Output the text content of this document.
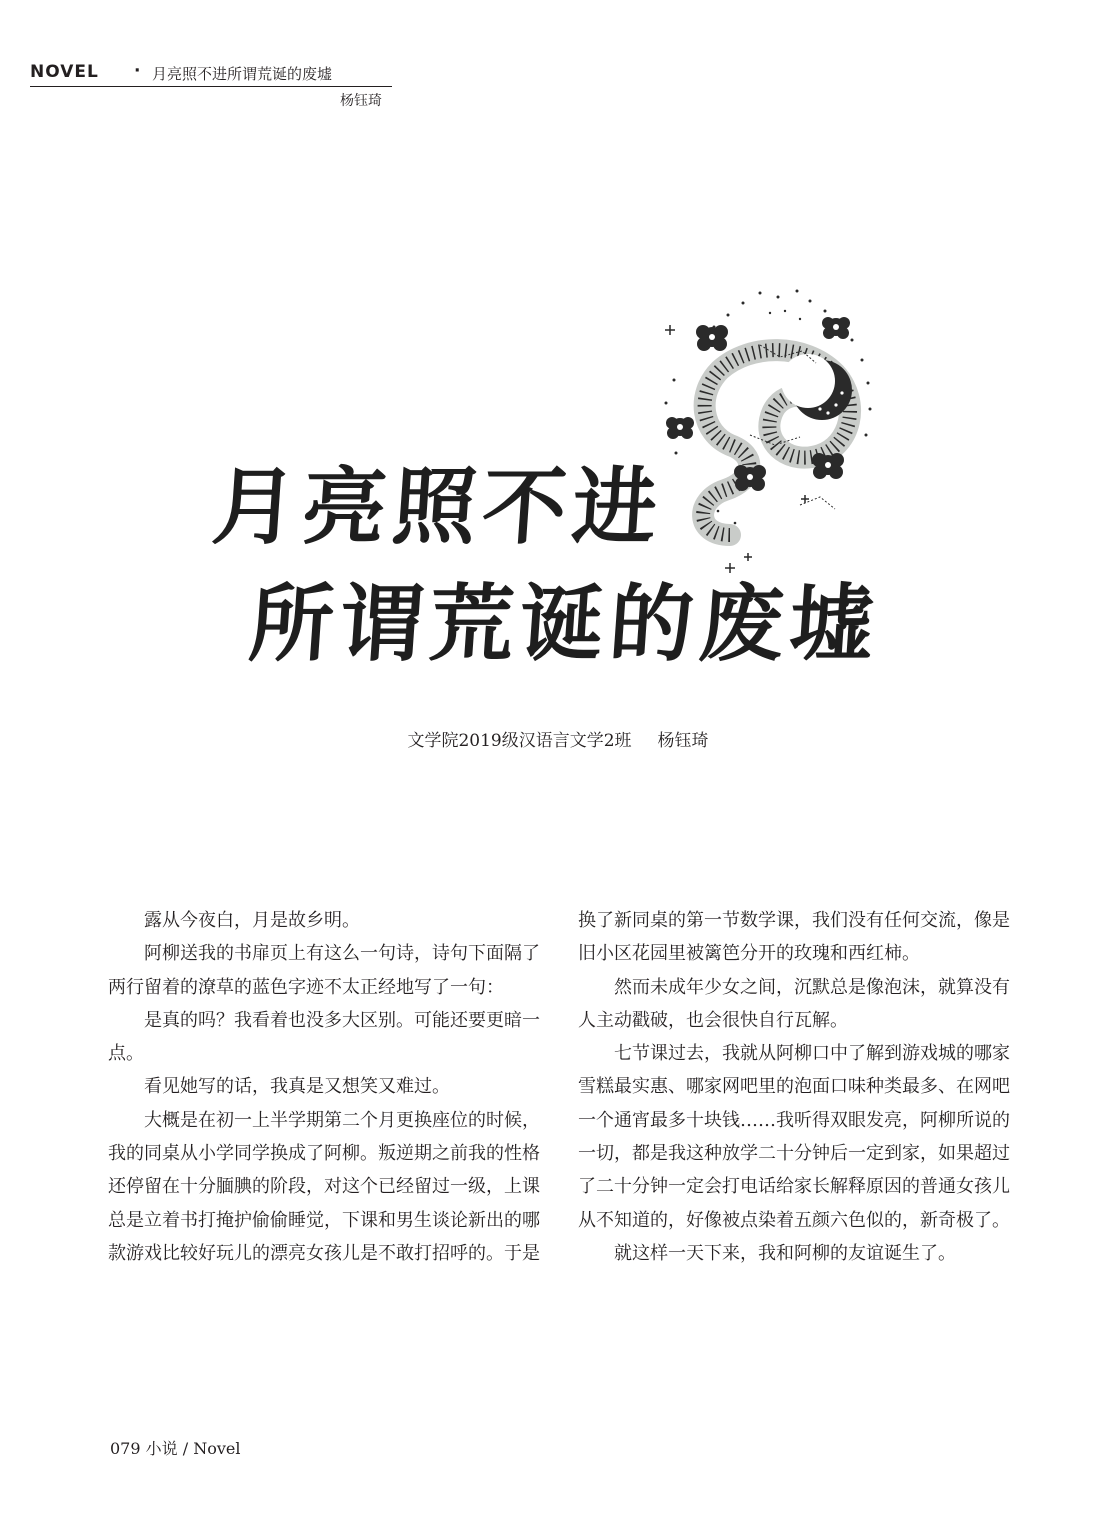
NOVEL · 月亮照不进所谓荒诞的废墟
杨钰琦
月亮照不进
所谓荒诞的废墟
文学院2019级汉语言文学2班 杨钰琦

露从今夜白，月是故乡明。

阿柳送我的书扉页上有这么一句诗，诗句下面隔了两行留着的潦草的蓝色字迹不太正经地写了一句：

是真的吗？我看着也没多大区别。可能还要更暗一点。

看见她写的话，我真是又想笑又难过。

大概是在初一上半学期第二个月更换座位的时候，我的同桌从小学同学换成了阿柳。叛逆期之前我的性格还停留在十分腼腆的阶段，对这个已经留过一级，上课总是立着书打掩护偷偷睡觉，下课和男生谈论新出的哪款游戏比较好玩儿的漂亮女孩儿是不敢打招呼的。于是

换了新同桌的第一节数学课，我们没有任何交流，像是旧小区花园里被篱笆分开的玫瑰和西红柿。

然而未成年少女之间，沉默总是像泡沫，就算没有人主动戳破，也会很快自行瓦解。

七节课过去，我就从阿柳口中了解到游戏城的哪家雪糕最实惠、哪家网吧里的泡面口味种类最多、在网吧一个通宵最多十块钱……我听得双眼发亮，阿柳所说的一切，都是我这种放学二十分钟后一定到家，如果超过了二十分钟一定会打电话给家长解释原因的普通女孩儿从不知道的，好像被点染着五颜六色似的，新奇极了。

就这样一天下来，我和阿柳的友谊诞生了。

079 小说 / Novel
